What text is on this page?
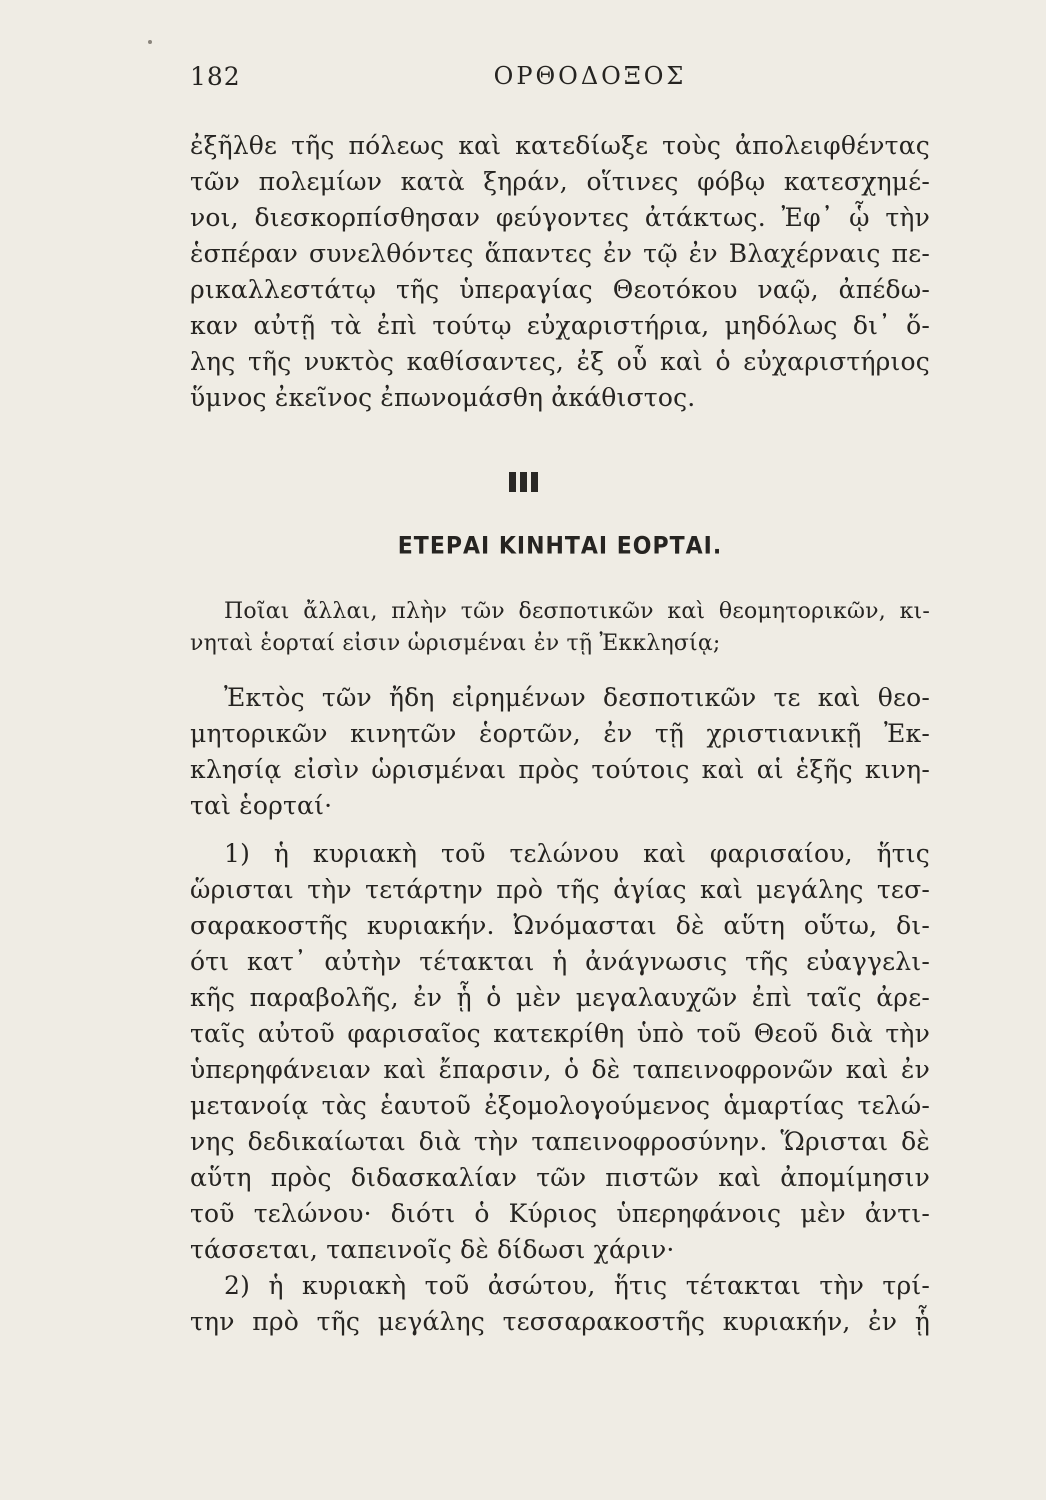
182	ΟΡΘΟΔΟΞΟΣ
ἐξῆλθε τῆς πόλεως καὶ κατεδίωξε τοὺς ἀπολειφθέντας
τῶν πολεμίων κατὰ ξηράν, οἵτινες φόβῳ κατεσχημέ-
νοι, διεσκορπίσθησαν φεύγοντες ἀτάκτως. Ἐφ᾿ ᾧ τὴν
ἑσπέραν συνελθόντες ἅπαντες ἐν τῷ ἐν Βλαχέρναις πε-
ρικαλλεστάτῳ τῆς ὑπεραγίας Θεοτόκου ναῷ, ἀπέδω-
καν αὐτῇ τὰ ἐπὶ τούτῳ εὐχαριστήρια, μηδόλως δι᾿ ὅ-
λης τῆς νυκτὸς καθίσαντες, ἐξ οὗ καὶ ὁ εὐχαριστήριος
ὕμνος ἐκεῖνος ἐπωνομάσθη ἀκάθιστος.
ΕΤΕΡΑΙ ΚΙΝΗΤΑΙ ΕΟΡΤΑΙ.
Ποῖαι ἄλλαι, πλὴν τῶν δεσποτικῶν καὶ θεομητορικῶν, κι-
νηταὶ ἑορταί εἰσιν ὡρισμέναι ἐν τῇ Ἐκκλησίᾳ;
Ἐκτὸς τῶν ἤδη εἰρημένων δεσποτικῶν τε καὶ θεο-
μητορικῶν κινητῶν ἑορτῶν, ἐν τῇ χριστιανικῇ Ἐκ-
κλησίᾳ εἰσὶν ὡρισμέναι πρὸς τούτοις καὶ αἱ ἑξῆς κινη-
ταὶ ἑορταί·
1) ἡ κυριακὴ τοῦ τελώνου καὶ φαρισαίου, ἥτις
ὥρισται τὴν τετάρτην πρὸ τῆς ἁγίας καὶ μεγάλης τεσ-
σαρακοστῆς κυριακήν. Ὠνόμασται δὲ αὕτη οὕτω, δι-
ότι κατ᾿ αὐτὴν τέτακται ἡ ἀνάγνωσις τῆς εὐαγγελι-
κῆς παραβολῆς, ἐν ᾗ ὁ μὲν μεγαλαυχῶν ἐπὶ ταῖς ἀρε-
ταῖς αὐτοῦ φαρισαῖος κατεκρίθη ὑπὸ τοῦ Θεοῦ διὰ τὴν
ὑπερηφάνειαν καὶ ἔπαρσιν, ὁ δὲ ταπεινοφρονῶν καὶ ἐν
μετανοίᾳ τὰς ἑαυτοῦ ἐξομολογούμενος ἁμαρτίας τελώ-
νης δεδικαίωται διὰ τὴν ταπεινοφροσύνην. Ὥρισται δὲ
αὕτη πρὸς διδασκαλίαν τῶν πιστῶν καὶ ἀπομίμησιν
τοῦ τελώνου· διότι ὁ Κύριος ὑπερηφάνοις μὲν ἀντι-
τάσσεται, ταπεινοῖς δὲ δίδωσι χάριν·
2) ἡ κυριακὴ τοῦ ἀσώτου, ἥτις τέτακται τὴν τρί-
την πρὸ τῆς μεγάλης τεσσαρακοστῆς κυριακήν, ἐν ᾗ
